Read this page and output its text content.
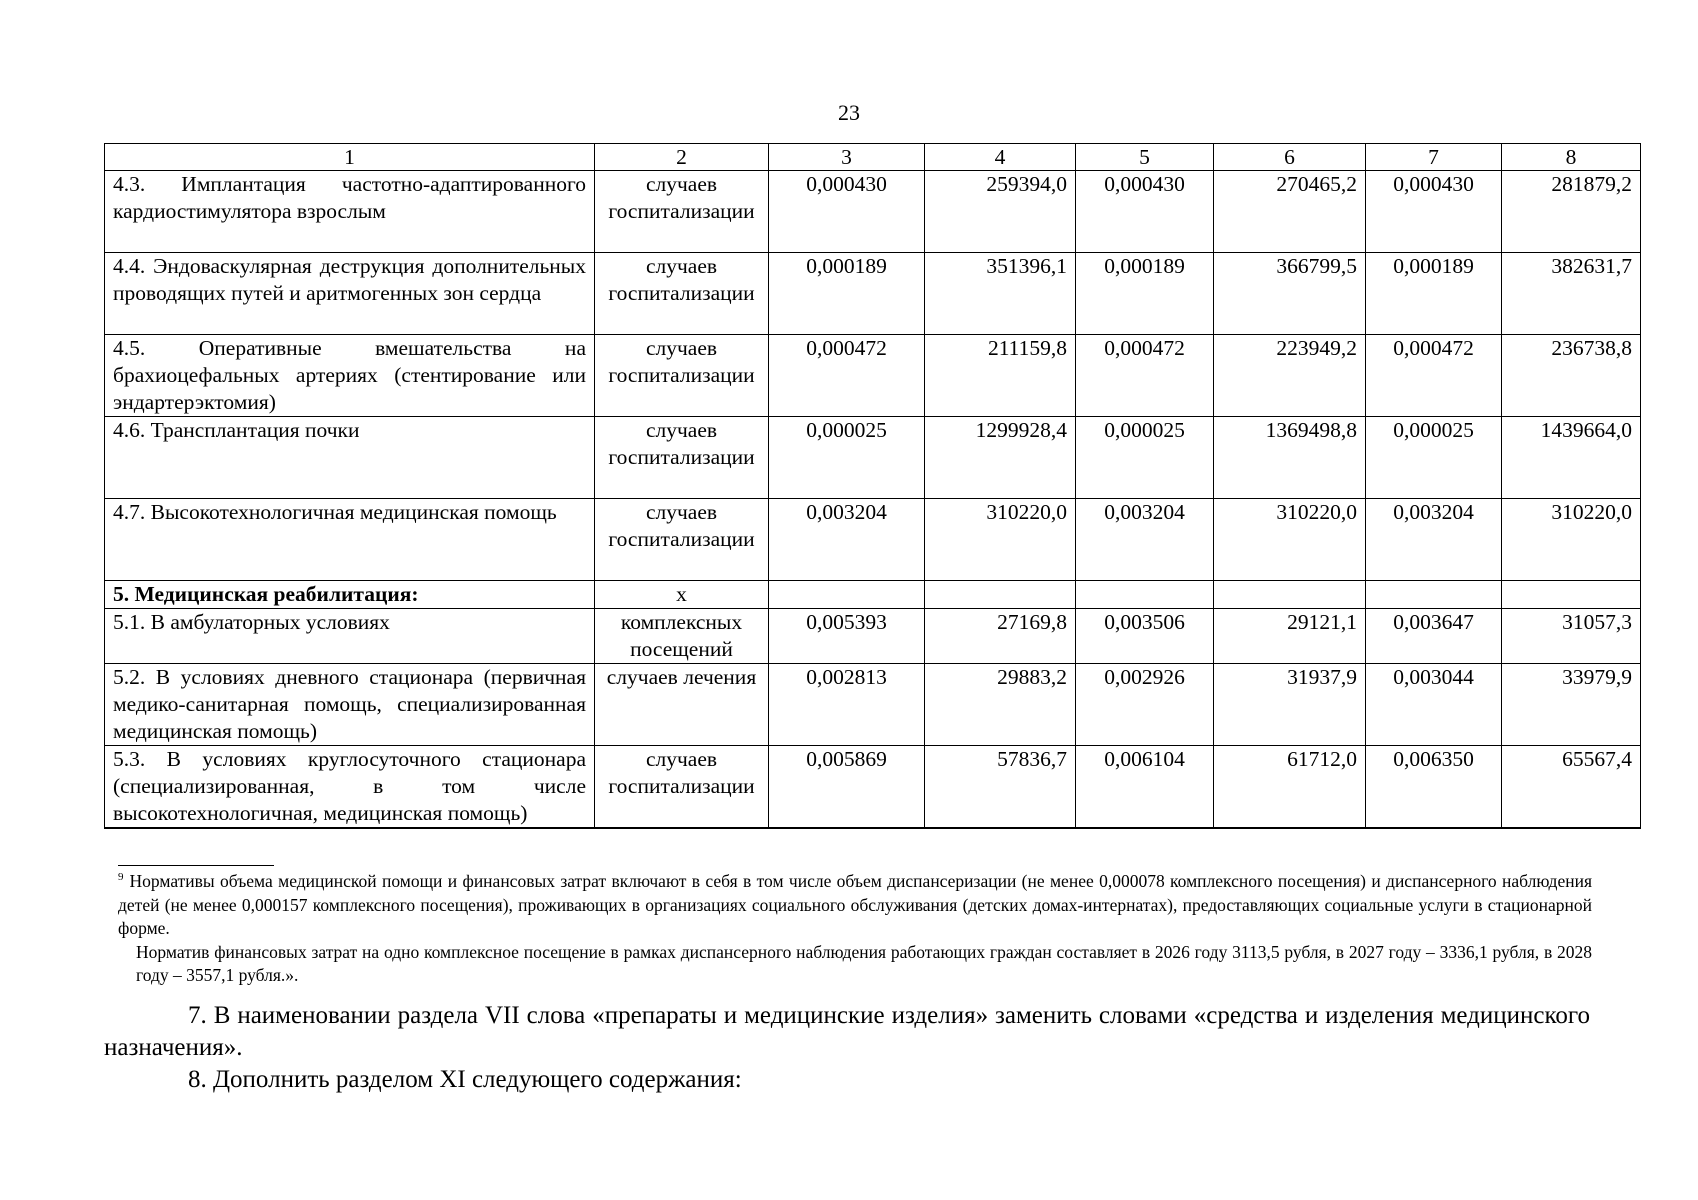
23
1	2	3	4	5	6	7	8
4.3. Имплантация частотно-адаптированного кардиостимулятора взрослым	случаев госпитализации	0,000430	259394,0	0,000430	270465,2	0,000430	281879,2
4.4. Эндоваскулярная деструкция дополнительных проводящих путей и аритмогенных зон сердца	случаев госпитализации	0,000189	351396,1	0,000189	366799,5	0,000189	382631,7
4.5. Оперативные вмешательства на брахиоцефальных артериях (стентирование или эндартерэктомия)	случаев госпитализации	0,000472	211159,8	0,000472	223949,2	0,000472	236738,8
4.6. Трансплантация почки	случаев госпитализации	0,000025	1299928,4	0,000025	1369498,8	0,000025	1439664,0
4.7. Высокотехнологичная медицинская помощь	случаев госпитализации	0,003204	310220,0	0,003204	310220,0	0,003204	310220,0
5. Медицинская реабилитация:	х						
5.1. В амбулаторных условиях	комплексных посещений	0,005393	27169,8	0,003506	29121,1	0,003647	31057,3
5.2. В условиях дневного стационара (первичная медико-санитарная помощь, специализированная медицинская помощь)	случаев лечения	0,002813	29883,2	0,002926	31937,9	0,003044	33979,9
5.3. В условиях круглосуточного стационара (специализированная, в том числе высокотехнологичная, медицинская помощь)	случаев госпитализации	0,005869	57836,7	0,006104	61712,0	0,006350	65567,4

$^9$ Нормативы объема медицинской помощи и финансовых затрат включают в себя в том числе объем диспансеризации (не менее 0,000078 комплексного посещения) и диспансерного наблюдения детей (не менее 0,000157 комплексного посещения), проживающих в организациях социального обслуживания (детских домах-интернатах), предоставляющих социальные услуги в стационарной форме.

Норматив финансовых затрат на одно комплексное посещение в рамках диспансерного наблюдения работающих граждан составляет в 2026 году 3113,5 рубля, в 2027 году – 3336,1 рубля, в 2028 году – 3557,1 рубля.».

7. В наименовании раздела VII слова «препараты и медицинские изделия» заменить словами «средства и изделения медицинского назначения».

8. Дополнить разделом XI следующего содержания:
